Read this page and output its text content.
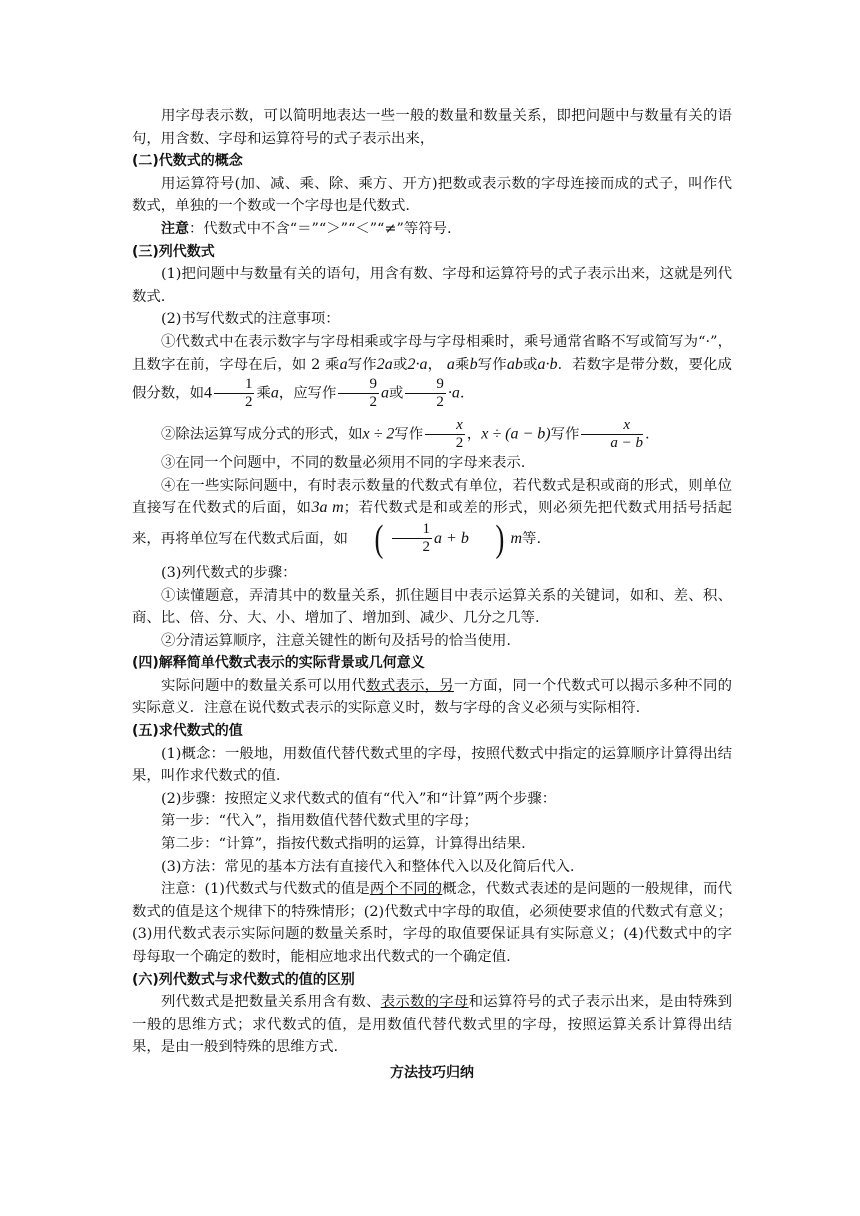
用字母表示数，可以简明地表达一些一般的数量和数量关系，即把问题中与数量有关的语句，用含数、字母和运算符号的式子表示出来，

(二)代数式的概念

用运算符号(加、减、乘、除、乘方、开方)把数或表示数的字母连接而成的式子，叫作代数式，单独的一个数或一个字母也是代数式.

注意：代数式中不含“＝”“＞”“＜”“≠”等符号.

(三)列代数式

(1)把问题中与数量有关的语句，用含有数、字母和运算符号的式子表示出来，这就是列代数式.

(2)书写代数式的注意事项：

①代数式中在表示数字与字母相乘或字母与字母相乘时，乘号通常省略不写或简写为“·”，且数字在前，字母在后，如 2 乘a写作2a或2·a， a乘b写作ab或a·b．若数字是带分数，要化成假分数，如$4 \frac{1}{2}$ 乘a，应写作 $\frac{9}{2}$ a或 $\frac{9}{2} \cdot a$.

②除法运算写成分式的形式，如x ÷ 2写作 $\frac{x}{2}$ ，x ÷ (a − b)写作 $\frac{x}{a - b}$ .

③在同一个问题中，不同的数量必须用不同的字母来表示.

④在一些实际问题中，有时表示数量的代数式有单位，若代数式是积或商的形式，则单位直接写在代数式的后面，如3a m；若代数式是和或差的形式，则必须先把代数式用括号括起来，再将单位写在代数式后面，如 ( $\frac{1}{2}$ a + b ) m等.

(3)列代数式的步骤：

①读懂题意，弄清其中的数量关系，抓住题目中表示运算关系的关键词，如和、差、积、商、比、倍、分、大、小、增加了、增加到、减少、几分之几等.

②分清运算顺序，注意关键性的断句及括号的恰当使用.

(四)解释简单代数式表示的实际背景或几何意义

实际问题中的数量关系可以用代数式表示，另一方面，同一个代数式可以揭示多种不同的实际意义．注意在说代数式表示的实际意义时，数与字母的含义必须与实际相符.

(五)求代数式的值

(1)概念：一般地，用数值代替代数式里的字母，按照代数式中指定的运算顺序计算得出结果，叫作求代数式的值.

(2)步骤：按照定义求代数式的值有“代入”和“计算”两个步骤：

第一步：“代入”，指用数值代替代数式里的字母；

第二步：“计算”，指按代数式指明的运算，计算得出结果.

(3)方法：常见的基本方法有直接代入和整体代入以及化简后代入.

注意：(1)代数式与代数式的值是两个不同的概念，代数式表述的是问题的一般规律，而代数式的值是这个规律下的特殊情形；(2)代数式中字母的取值，必须使要求值的代数式有意义；(3)用代数式表示实际问题的数量关系时，字母的取值要保证具有实际意义；(4)代数式中的字母每取一个确定的数时，能相应地求出代数式的一个确定值.

(六)列代数式与求代数式的值的区别

列代数式是把数量关系用含有数、表示数的字母和运算符号的式子表示出来，是由特殊到一般的思维方式；求代数式的值，是用数值代替代数式里的字母，按照运算关系计算得出结果，是由一般到特殊的思维方式.

方法技巧归纳
